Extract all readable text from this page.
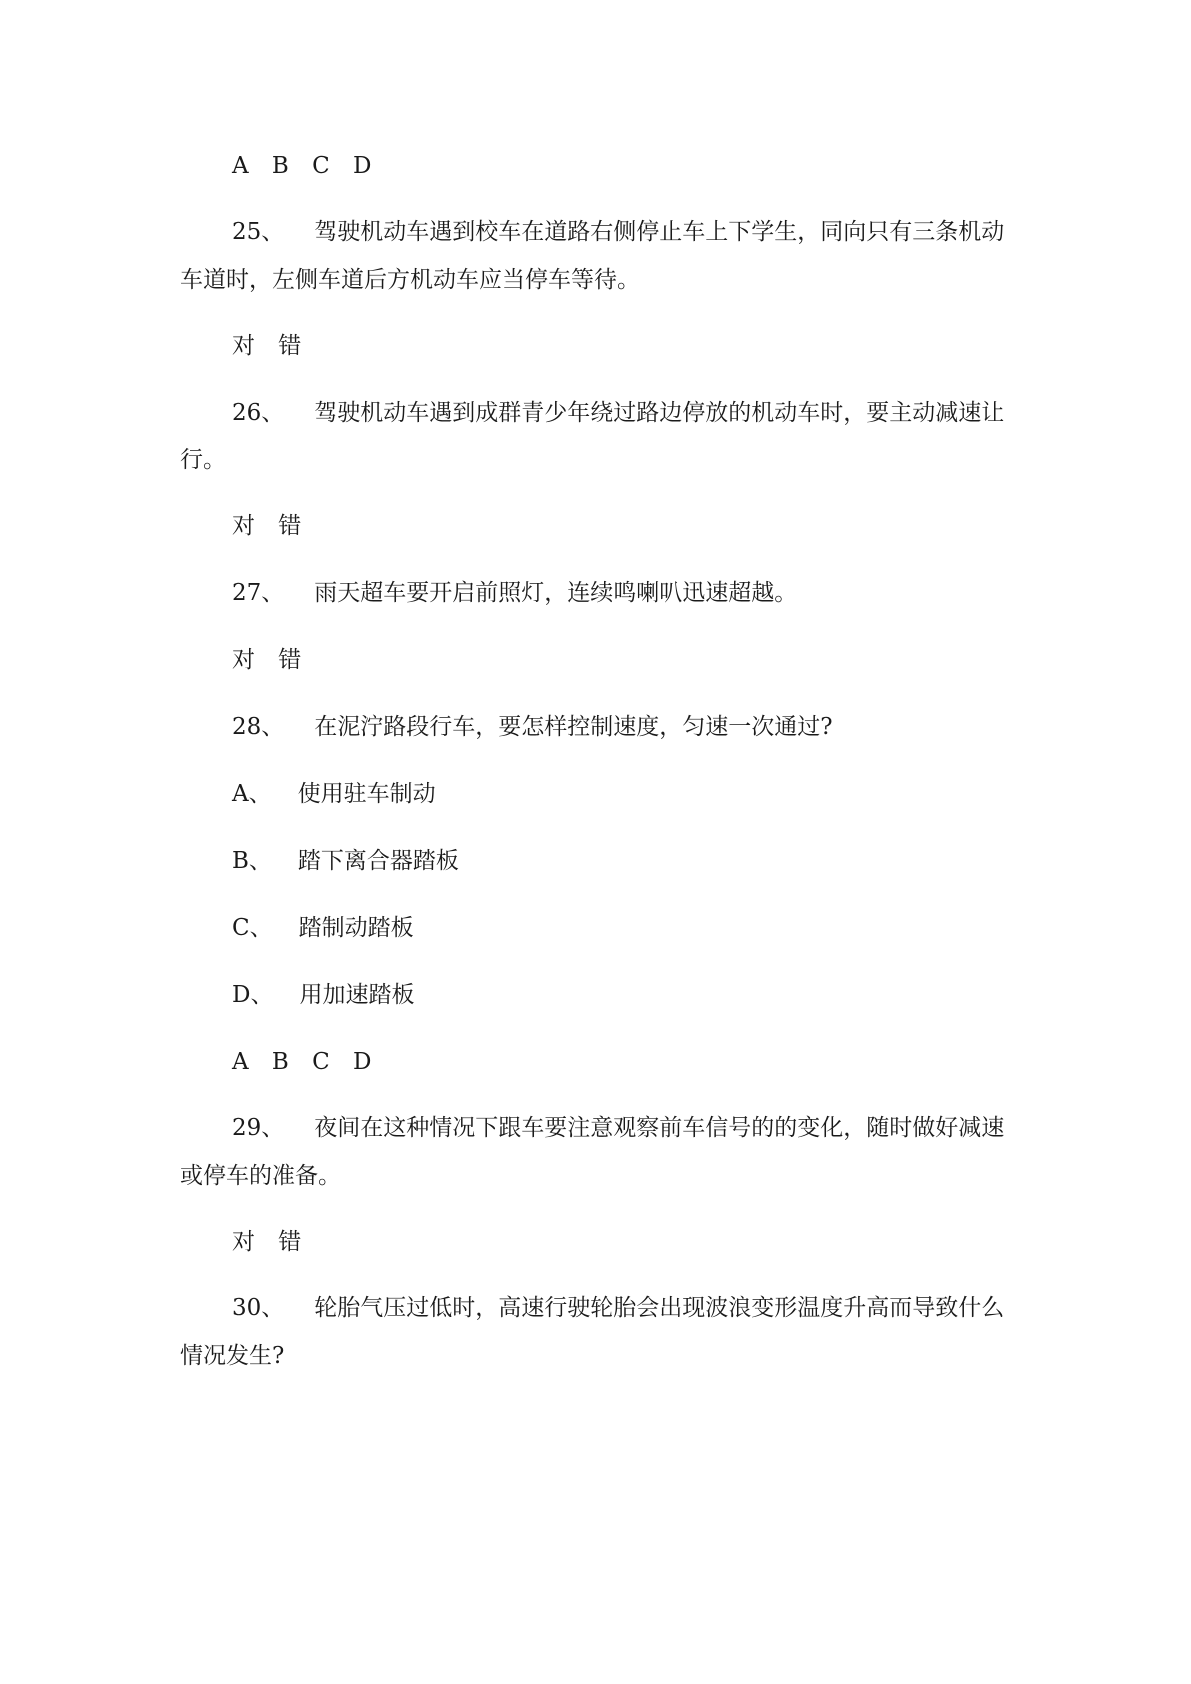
A B C D

25、 驾驶机动车遇到校车在道路右侧停止车上下学生，同向只有三条机动

车道时，左侧车道后方机动车应当停车等待。

对 错

26、 驾驶机动车遇到成群青少年绕过路边停放的机动车时，要主动减速让

行。

对 错

27、 雨天超车要开启前照灯，连续鸣喇叭迅速超越。

对 错

28、 在泥泞路段行车，要怎样控制速度，匀速一次通过?

A、 使用驻车制动

B、 踏下离合器踏板

C、 踏制动踏板

D、 用加速踏板

A B C D

29、 夜间在这种情况下跟车要注意观察前车信号的的变化，随时做好减速

或停车的准备。

对 错

30、 轮胎气压过低时，高速行驶轮胎会出现波浪变形温度升高而导致什么

情况发生?
